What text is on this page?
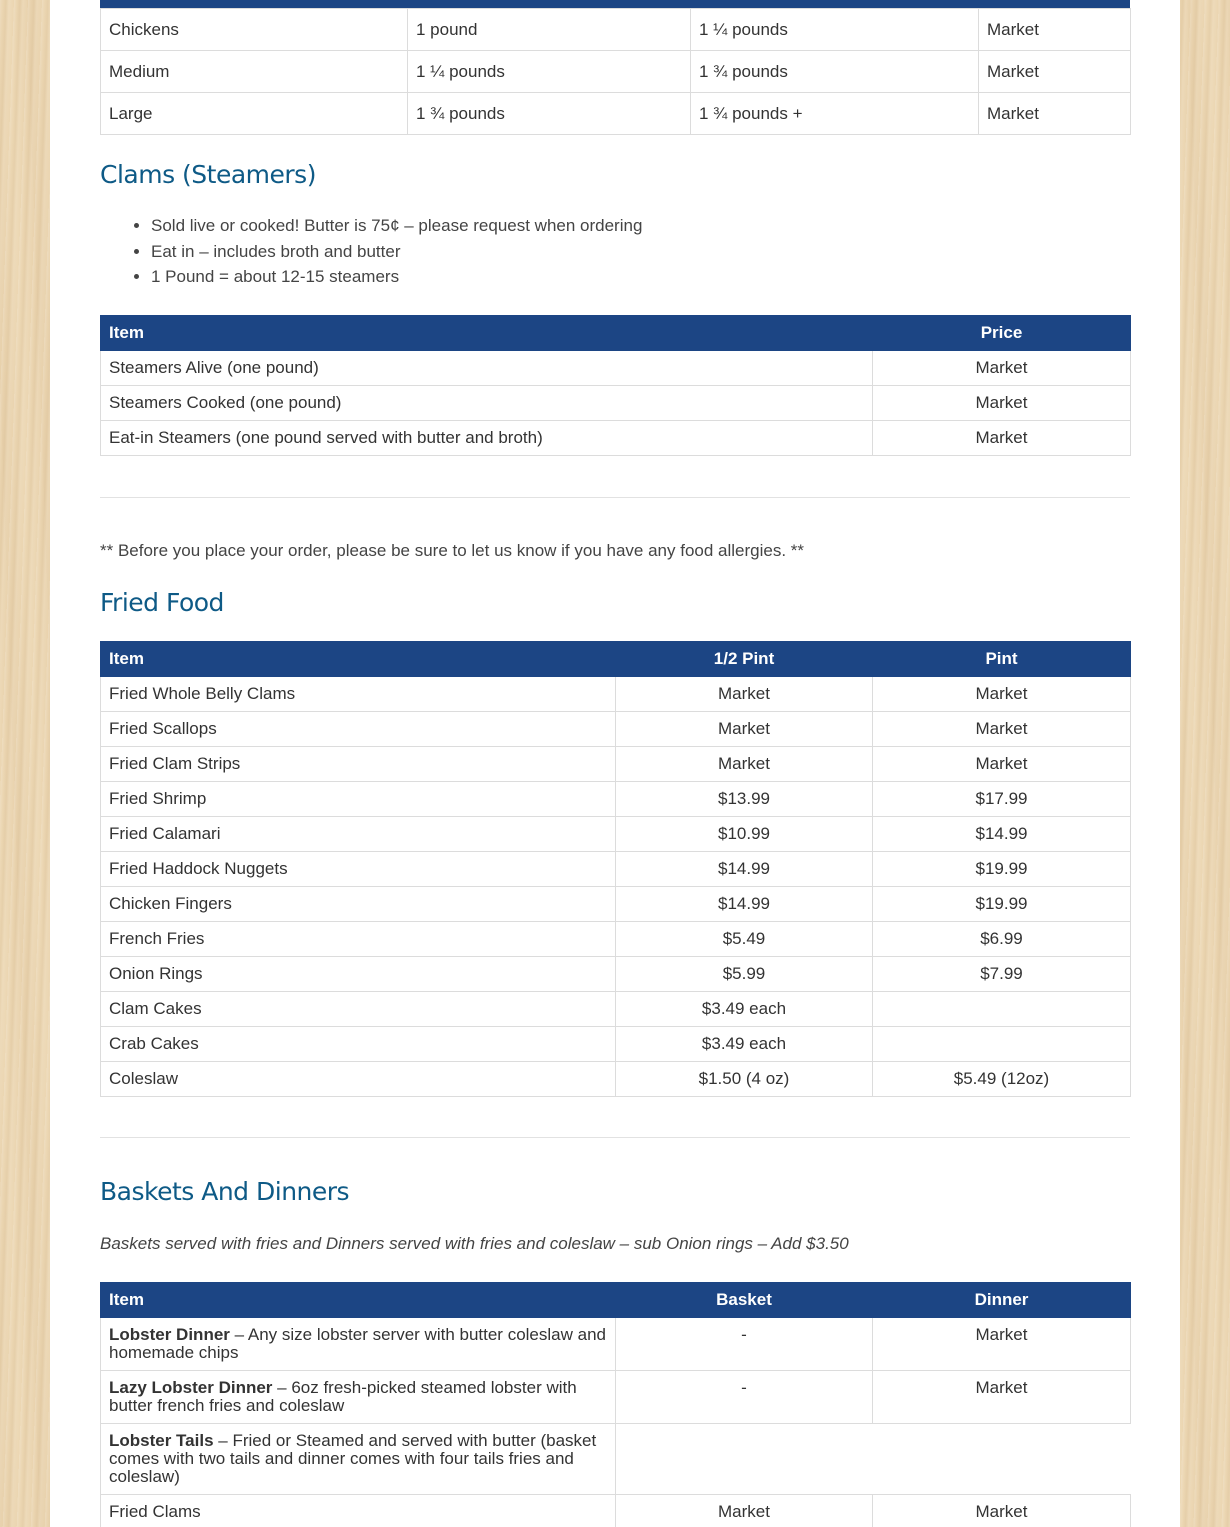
Chickens	1 pound	1 ¼ pounds	Market
Medium	1 ¼ pounds	1 ¾ pounds	Market
Large	1 ¾ pounds	1 ¾ pounds +	Market
Clams (Steamers)
• Sold live or cooked! Butter is 75¢ – please request when ordering
• Eat in – includes broth and butter
• 1 Pound = about 12-15 steamers
Item	Price
Steamers Alive (one pound)	Market
Steamers Cooked (one pound)	Market
Eat-in Steamers (one pound served with butter and broth)	Market

** Before you place your order, please be sure to let us know if you have any food allergies. **

Fried Food
Item	1/2 Pint	Pint
Fried Whole Belly Clams	Market	Market
Fried Scallops	Market	Market
Fried Clam Strips	Market	Market
Fried Shrimp	$13.99	$17.99
Fried Calamari	$10.99	$14.99
Fried Haddock Nuggets	$14.99	$19.99
Chicken Fingers	$14.99	$19.99
French Fries	$5.49	$6.99
Onion Rings	$5.99	$7.99
Clam Cakes	$3.49 each	
Crab Cakes	$3.49 each	
Coleslaw	$1.50 (4 oz)	$5.49 (12oz)
Baskets And Dinners

Baskets served with fries and Dinners served with fries and coleslaw – sub Onion rings – Add $3.50

Item	Basket	Dinner
Lobster Dinner – Any size lobster server with butter coleslaw and homemade chips	-	Market
Lazy Lobster Dinner – 6oz fresh-picked steamed lobster with butter french fries and coleslaw	-	Market
Lobster Tails – Fried or Steamed and served with butter (basket comes with two tails and dinner comes with four tails fries and coleslaw)		
Fried Clams	Market	Market
